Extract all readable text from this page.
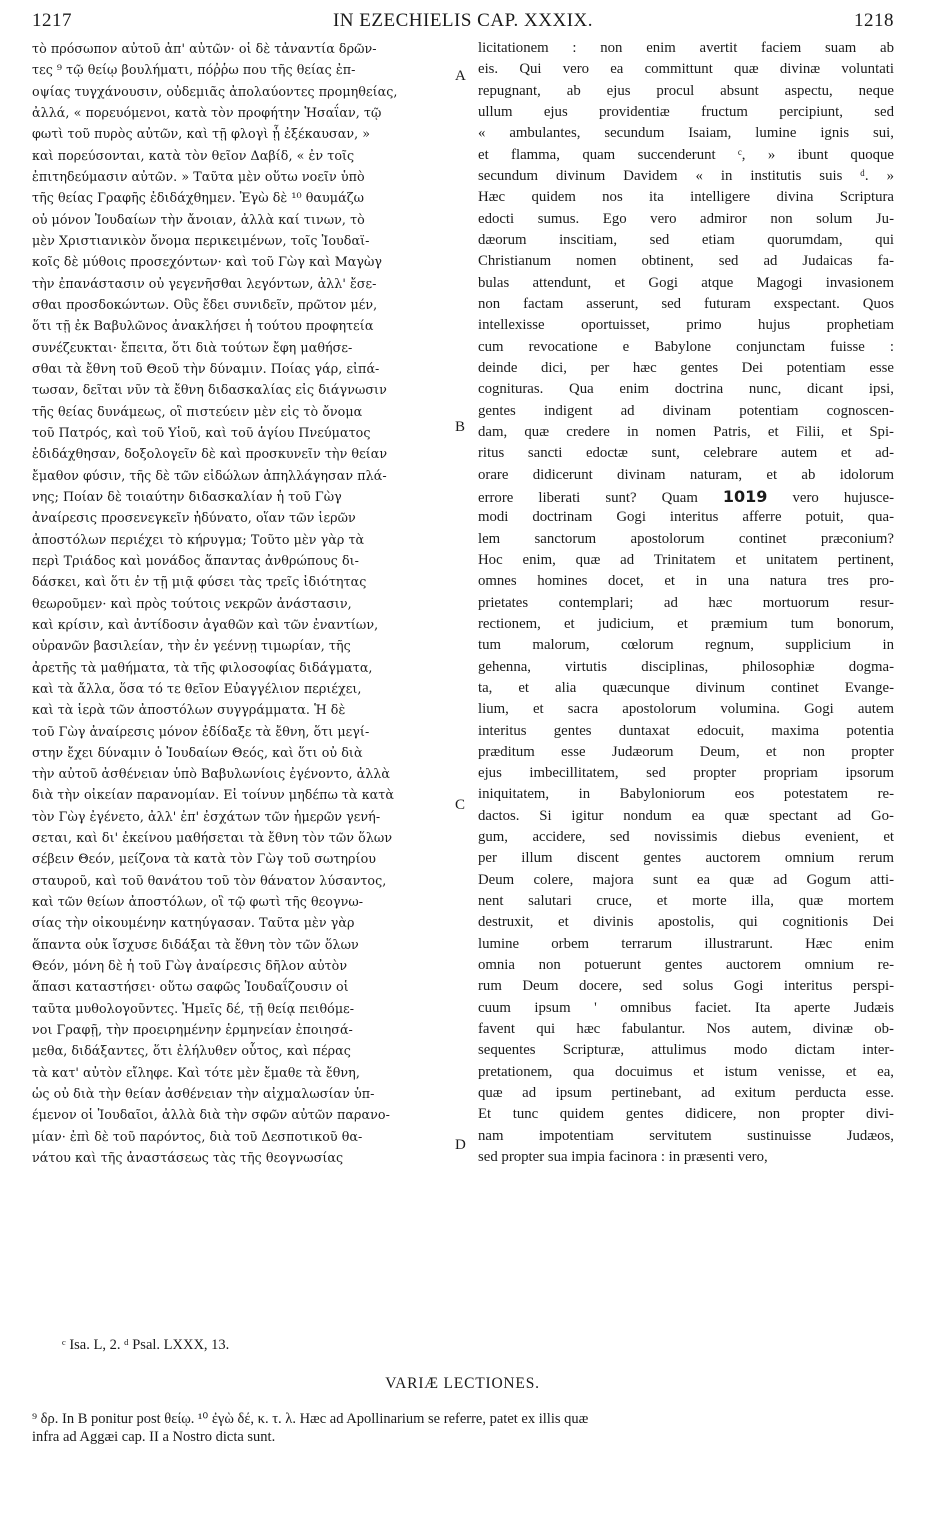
1217	IN EZECHIELIS CAP. XXXIX.	1218
τὸ πρόσωπον αὐτοῦ ἀπ' αὐτῶν· οἱ δὲ τἀναντία δρῶν-
τες ⁹ τῷ θείῳ βουλήματι, πόῤῥω που τῆς θείας ἐπ-
οψίας τυγχάνουσιν, οὐδεμιᾶς ἀπολαύοντες προμηθείας,
ἀλλά, « πορευόμενοι, κατὰ τὸν προφήτην Ἡσαΐαν, τῷ
φωτὶ τοῦ πυρὸς αὐτῶν, καὶ τῇ φλογὶ ᾗ ἐξέκαυσαν, »
καὶ πορεύσονται, κατὰ τὸν θεῖον Δαβίδ, « ἐν τοῖς
ἐπιτηδεύμασιν αὐτῶν. » Ταῦτα μὲν οὕτω νοεῖν ὑπὸ
τῆς θείας Γραφῆς ἐδιδάχθημεν. Ἐγὼ δὲ ¹⁰ θαυμάζω
οὐ μόνον Ἰουδαίων τὴν ἄνοιαν, ἀλλὰ καί τινων, τὸ
μὲν Χριστιανικὸν ὄνομα περικειμένων, τοῖς Ἰουδαϊ-
κοῖς δὲ μύθοις προσεχόντων· καὶ τοῦ Γὼγ καὶ Μαγὼγ
τὴν ἐπανάστασιν οὐ γεγενῆσθαι λεγόντων, ἀλλ' ἔσε-
σθαι προσδοκώντων. Οὓς ἔδει συνιδεῖν, πρῶτον μέν,
ὅτι τῇ ἐκ Βαβυλῶνος ἀνακλήσει ἡ τούτου προφητεία
συνέζευκται· ἔπειτα, ὅτι διὰ τούτων ἔφη μαθήσε-
σθαι τὰ ἔθνη τοῦ Θεοῦ τὴν δύναμιν. Ποίας γάρ, εἰπά-
τωσαν, δεῖται νῦν τὰ ἔθνη διδασκαλίας εἰς διάγνωσιν
τῆς θείας δυνάμεως, οἳ πιστεύειν μὲν εἰς τὸ ὄνομα
τοῦ Πατρός, καὶ τοῦ Υἱοῦ, καὶ τοῦ ἁγίου Πνεύματος
ἐδιδάχθησαν, δοξολογεῖν δὲ καὶ προσκυνεῖν τὴν θείαν
ἔμαθον φύσιν, τῆς δὲ τῶν εἰδώλων ἀπηλλάγησαν πλά-
νης; Ποίαν δὲ τοιαύτην διδασκαλίαν ἡ τοῦ Γὼγ
ἀναίρεσις προσενεγκεῖν ἠδύνατο, οἵαν τῶν ἱερῶν
ἀποστόλων περιέχει τὸ κήρυγμα; Τοῦτο μὲν γὰρ τὰ
περὶ Τριάδος καὶ μονάδος ἅπαντας ἀνθρώπους δι-
δάσκει, καὶ ὅτι ἐν τῇ μιᾷ φύσει τὰς τρεῖς ἰδιότητας
θεωροῦμεν· καὶ πρὸς τούτοις νεκρῶν ἀνάστασιν,
καὶ κρίσιν, καὶ ἀντίδοσιν ἀγαθῶν καὶ τῶν ἐναντίων,
οὐρανῶν βασιλείαν, τὴν ἐν γεέννῃ τιμωρίαν, τῆς
ἀρετῆς τὰ μαθήματα, τὰ τῆς φιλοσοφίας διδάγματα,
καὶ τὰ ἄλλα, ὅσα τό τε θεῖον Εὐαγγέλιον περιέχει,
καὶ τὰ ἱερὰ τῶν ἀποστόλων συγγράμματα. Ἡ δὲ
τοῦ Γὼγ ἀναίρεσις μόνον ἐδίδαξε τὰ ἔθνη, ὅτι μεγί-
στην ἔχει δύναμιν ὁ Ἰουδαίων Θεός, καὶ ὅτι οὐ διὰ
τὴν αὐτοῦ ἀσθένειαν ὑπὸ Βαβυλωνίοις ἐγένοντο, ἀλλὰ
διὰ τὴν οἰκείαν παρανομίαν. Εἰ τοίνυν μηδέπω τὰ κατὰ
τὸν Γὼγ ἐγένετο, ἀλλ' ἐπ' ἐσχάτων τῶν ἡμερῶν γενή-
σεται, καὶ δι' ἐκείνου μαθήσεται τὰ ἔθνη τὸν τῶν ὅλων
σέβειν Θεόν, μείζονα τὰ κατὰ τὸν Γὼγ τοῦ σωτηρίου
σταυροῦ, καὶ τοῦ θανάτου τοῦ τὸν θάνατον λύσαντος,
καὶ τῶν θείων ἀποστόλων, οἳ τῷ φωτὶ τῆς θεογνω-
σίας τὴν οἰκουμένην κατηύγασαν. Ταῦτα μὲν γὰρ
ἅπαντα οὐκ ἴσχυσε διδάξαι τὰ ἔθνη τὸν τῶν ὅλων
Θεόν, μόνη δὲ ἡ τοῦ Γὼγ ἀναίρεσις δῆλον αὐτὸν
ἅπασι καταστήσει· οὕτω σαφῶς Ἰουδαΐζουσιν οἱ
ταῦτα μυθολογοῦντες. Ἡμεῖς δέ, τῇ θείᾳ πειθόμε-
νοι Γραφῇ, τὴν προειρημένην ἑρμηνείαν ἐποιησά-
μεθα, διδάξαντες, ὅτι ἐλήλυθεν οὗτος, καὶ πέρας
τὰ κατ' αὐτὸν εἴληφε. Καὶ τότε μὲν ἔμαθε τὰ ἔθνη,
ὡς οὐ διὰ τὴν θείαν ἀσθένειαν τὴν αἰχμαλωσίαν ὑπ-
έμενον οἱ Ἰουδαῖοι, ἀλλὰ διὰ τὴν σφῶν αὐτῶν παρανο-
μίαν· ἐπὶ δὲ τοῦ παρόντος, διὰ τοῦ Δεσποτικοῦ θα-
νάτου καὶ τῆς ἀναστάσεως τὰς τῆς θεογνωσίας
licitationem : non enim avertit faciem suam ab
eis. Qui vero ea committunt quæ divinæ voluntati
repugnant, ab ejus procul absunt aspectu, neque
ullum ejus providentiæ fructum percipiunt, sed
« ambulantes, secundum Isaiam, lumine ignis sui,
et flamma, quam succenderunt ᶜ, » ibunt quoque
secundum divinum Davidem « in institutis suis ᵈ. »
Hæc quidem nos ita intelligere divina Scriptura
edocti sumus. Ego vero admiror non solum Ju-
dæorum inscitiam, sed etiam quorumdam, qui
Christianum nomen obtinent, sed ad Judaicas fa-
bulas attendunt, et Gogi atque Magogi invasionem
non factam asserunt, sed futuram exspectant. Quos
intellexisse oportuisset, primo hujus prophetiam
cum revocatione e Babylone conjunctam fuisse :
deinde dici, per hæc gentes Dei potentiam esse
cognituras. Qua enim doctrina nunc, dicant ipsi,
gentes indigent ad divinam potentiam cognoscen-
dam, quæ credere in nomen Patris, et Filii, et Spi-
ritus sancti edoctæ sunt, celebrare autem et ad-
orare didicerunt divinam naturam, et ab idolorum
errore liberati sunt? Quam 1019 vero hujusce-
modi doctrinam Gogi interitus afferre potuit, qua-
lem sanctorum apostolorum continet præconium?
Hoc enim, quæ ad Trinitatem et unitatem pertinent,
omnes homines docet, et in una natura tres pro-
prietates contemplari; ad hæc mortuorum resur-
rectionem, et judicium, et præmium tum bonorum,
tum malorum, cœlorum regnum, supplicium in
gehenna, virtutis disciplinas, philosophiæ dogma-
ta, et alia quæcunque divinum continet Evange-
lium, et sacra apostolorum volumina. Gogi autem
interitus gentes duntaxat edocuit, maxima potentia
præditum esse Judæorum Deum, et non propter
ejus imbecillitatem, sed propter propriam ipsorum
iniquitatem, in Babyloniorum eos potestatem re-
dactos. Si igitur nondum ea quæ spectant ad Go-
gum, accidere, sed novissimis diebus evenient, et
per illum discent gentes auctorem omnium rerum
Deum colere, majora sunt ea quæ ad Gogum atti-
nent salutari cruce, et morte illa, quæ mortem
destruxit, et divinis apostolis, qui cognitionis Dei
lumine orbem terrarum illustrarunt. Hæc enim
omnia non potuerunt gentes auctorem omnium re-
rum Deum docere, sed solus Gogi interitus perspi-
cuum ipsum ' omnibus faciet. Ita aperte Judæis
favent qui hæc fabulantur. Nos autem, divinæ ob-
sequentes Scripturæ, attulimus modo dictam inter-
pretationem, qua docuimus et istum venisse, et ea,
quæ ad ipsum pertinebant, ad exitum perducta esse.
Et tunc quidem gentes didicere, non propter divi-
nam impotentiam servitutem sustinuisse Judæos,
sed propter sua impia facinora : in præsenti vero,
A
B
C
D
ᶜ Isa. L, 2. ᵈ Psal. LXXX, 13.
VARIÆ LECTIONES.
⁹ δρ. In B ponitur post θείῳ. ¹⁰ ἐγὼ δέ, κ. τ. λ. Hæc ad Apollinarium se referre, patet ex illis quæ
infra ad Aggæi cap. II a Nostro dicta sunt.
